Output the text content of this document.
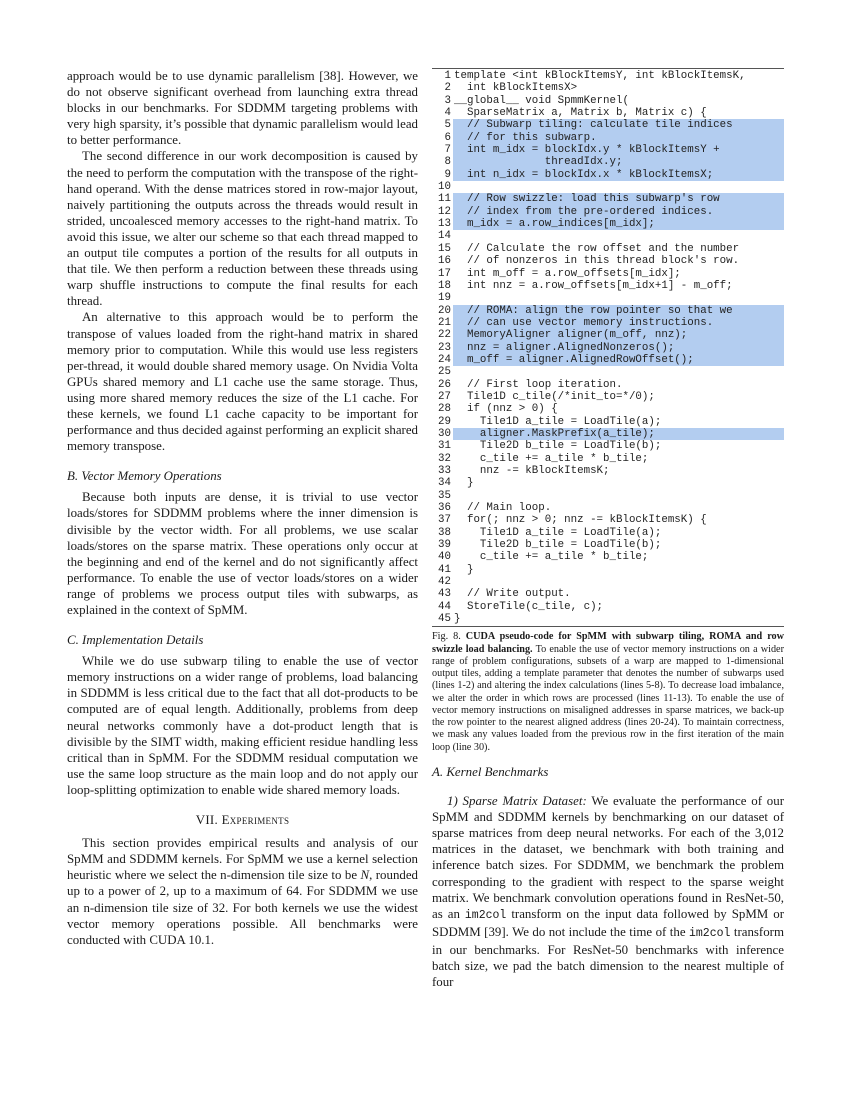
approach would be to use dynamic parallelism [38]. However, we do not observe significant overhead from launching extra thread blocks in our benchmarks. For SDDMM targeting problems with very high sparsity, it’s possible that dynamic parallelism would lead to better performance.

The second difference in our work decomposition is caused by the need to perform the computation with the transpose of the right-hand operand. With the dense matrices stored in row-major layout, naively partitioning the outputs across the threads would result in strided, uncoalesced memory accesses to the right-hand matrix. To avoid this issue, we alter our scheme so that each thread mapped to an output tile computes a portion of the results for all outputs in that tile. We then perform a reduction between these threads using warp shuffle instructions to compute the final results for each thread.

An alternative to this approach would be to perform the transpose of values loaded from the right-hand matrix in shared memory prior to computation. While this would use less registers per-thread, it would double shared memory usage. On Nvidia Volta GPUs shared memory and L1 cache use the same storage. Thus, using more shared memory reduces the size of the L1 cache. For these kernels, we found L1 cache capacity to be important for performance and thus decided against performing an explicit shared memory transpose.

B. Vector Memory Operations

Because both inputs are dense, it is trivial to use vector loads/stores for SDDMM problems where the inner dimension is divisible by the vector width. For all problems, we use scalar loads/stores on the sparse matrix. These operations only occur at the beginning and end of the kernel and do not significantly affect performance. To enable the use of vector loads/stores on a wider range of problems we process output tiles with subwarps, as explained in the context of SpMM.

C. Implementation Details

While we do use subwarp tiling to enable the use of vector memory instructions on a wider range of problems, load balancing in SDDMM is less critical due to the fact that all dot-products to be computed are of equal length. Additionally, problems from deep neural networks commonly have a dot-product length that is divisible by the SIMT width, making efficient residue handling less critical than in SpMM. For the SDDMM residual computation we use the same loop structure as the main loop and do not apply our loop-splitting optimization to enable wide shared memory loads.

VII. Experiments

This section provides empirical results and analysis of our SpMM and SDDMM kernels. For SpMM we use a kernel selection heuristic where we select the n-dimension tile size to be N, rounded up to a power of 2, up to a maximum of 64. For SDDMM we use an n-dimension tile size of 32. For both kernels we use the widest vector memory operations possible. All benchmarks were conducted with CUDA 10.1.

1 template <int kBlockItemsY, int kBlockItemsK,
2 int kBlockItemsX>
3 __global__ void SpmmKernel(
4 SparseMatrix a, Matrix b, Matrix c) {
5 // Subwarp tiling: calculate tile indices
6 // for this subwarp.
7 int m_idx = blockIdx.y * kBlockItemsY +
8 threadIdx.y;
9 int n_idx = blockIdx.x * kBlockItemsX;
10
11 // Row swizzle: load this subwarp's row
12 // index from the pre-ordered indices.
13 m_idx = a.row_indices[m_idx];
14
15 // Calculate the row offset and the number
16 // of nonzeros in this thread block's row.
17 int m_off = a.row_offsets[m_idx];
18 int nnz = a.row_offsets[m_idx+1] - m_off;
19
20 // ROMA: align the row pointer so that we
21 // can use vector memory instructions.
22 MemoryAligner aligner(m_off, nnz);
23 nnz = aligner.AlignedNonzeros();
24 m_off = aligner.AlignedRowOffset();
25
26 // First loop iteration.
27 Tile1D c_tile(/*init_to=*/0);
28 if (nnz > 0) {
29 Tile1D a_tile = LoadTile(a);
30 aligner.MaskPrefix(a_tile);
31 Tile2D b_tile = LoadTile(b);
32 c_tile += a_tile * b_tile;
33 nnz -= kBlockItemsK;
34 }
35
36 // Main loop.
37 for(; nnz > 0; nnz -= kBlockItemsK) {
38 Tile1D a_tile = LoadTile(a);
39 Tile2D b_tile = LoadTile(b);
40 c_tile += a_tile * b_tile;
41 }
42
43 // Write output.
44 StoreTile(c_tile, c);
45 }
Fig. 8. CUDA pseudo-code for SpMM with subwarp tiling, ROMA and row swizzle load balancing. To enable the use of vector memory instructions on a wider range of problem configurations, subsets of a warp are mapped to 1-dimensional output tiles, adding a template parameter that denotes the number of subwarps used (lines 1-2) and altering the index calculations (lines 5-8). To decrease load imbalance, we alter the order in which rows are processed (lines 11-13). To enable the use of vector memory instructions on misaligned addresses in sparse matrices, we back-up the row pointer to the nearest aligned address (lines 20-24). To maintain correctness, we mask any values loaded from the previous row in the first iteration of the main loop (line 30).
A. Kernel Benchmarks

1) Sparse Matrix Dataset: We evaluate the performance of our SpMM and SDDMM kernels by benchmarking on our dataset of sparse matrices from deep neural networks. For each of the 3,012 matrices in the dataset, we benchmark with both training and inference batch sizes. For SDDMM, we benchmark the problem corresponding to the gradient with respect to the sparse weight matrix. We benchmark convolution operations found in ResNet-50, as an im2col transform on the input data followed by SpMM or SDDMM [39]. We do not include the time of the im2col transform in our benchmarks. For ResNet-50 benchmarks with inference batch size, we pad the batch dimension to the nearest multiple of four
